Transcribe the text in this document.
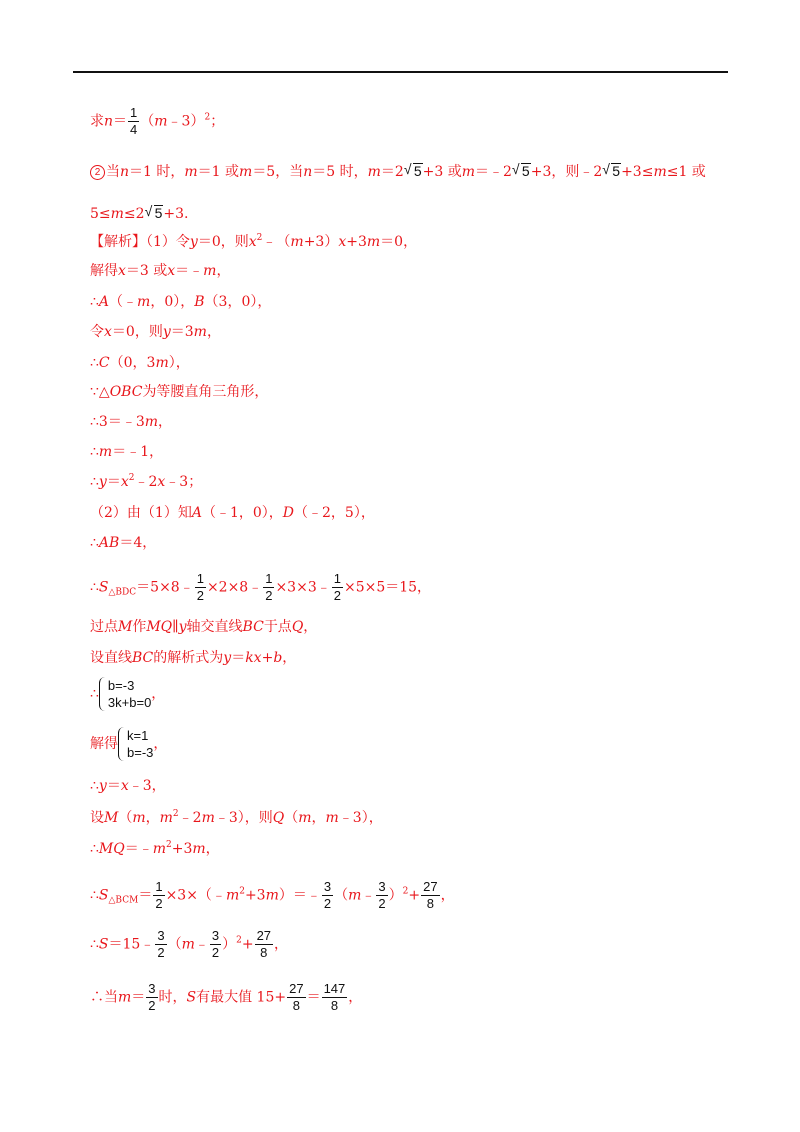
求$n= \frac{1}{4}$ （m﹣3）$^2$；
2 当n＝1 时，m＝1 或m＝5，当n＝5 时，m＝2 √ 5+3 或m＝﹣2 √ 5+3，则﹣2 √ 5+3≤m≤1 或
5≤m≤2 √ 5+3.
【解析】（1）令y＝0，则$x^2﹣(m+3)x+3m=0$，
解得x＝3 或x＝﹣m，
∴A（﹣m，0），B（3，0），
令x＝0，则y＝3m，
∴C（0，3m），
∵△OBC为等腰直角三角形，
∴3＝﹣3m，
∴m＝﹣1，
$\therefore y=x^2﹣2x﹣3$；
（2）由（1）知A（﹣1，0），D（﹣2，5），
∴AB＝4，
$\therefore S_{\triangle BDC}=5\times 8﹣ \frac{1}{2}$ ×2×8﹣ $\frac{1}{2}$ ×3×3﹣ $\frac{1}{2} \times 5\times 5=15$，
过点M作MQ∥y轴交直线BC于点Q，
设直线BC的解析式为y＝kx+b，
∴
b=-3
3k+b=0
，
解得
k=1
b=-3
，
∴y＝x﹣3，
设M（m，$m^2﹣2m﹣3$），则Q（m，m﹣3），
$\therefore MQ=﹣m^2+3m$，
$\therefore S_{\triangle BCM}= \frac{1}{2}$ $\times 3\times(﹣m^2+3m)=﹣ \frac{3}{2}$ （m﹣ $\frac{3}{2} )^2+ \frac{27}{8}$ ，
∴S＝15﹣ $\frac{3}{2}$ （m﹣ $\frac{3}{2} )^2+ \frac{27}{8}$ ，
∴当$m= \frac{3}{2}$ 时，S有最大值 $15+ \frac{27}{8} = \frac{147}{8}$ ，
